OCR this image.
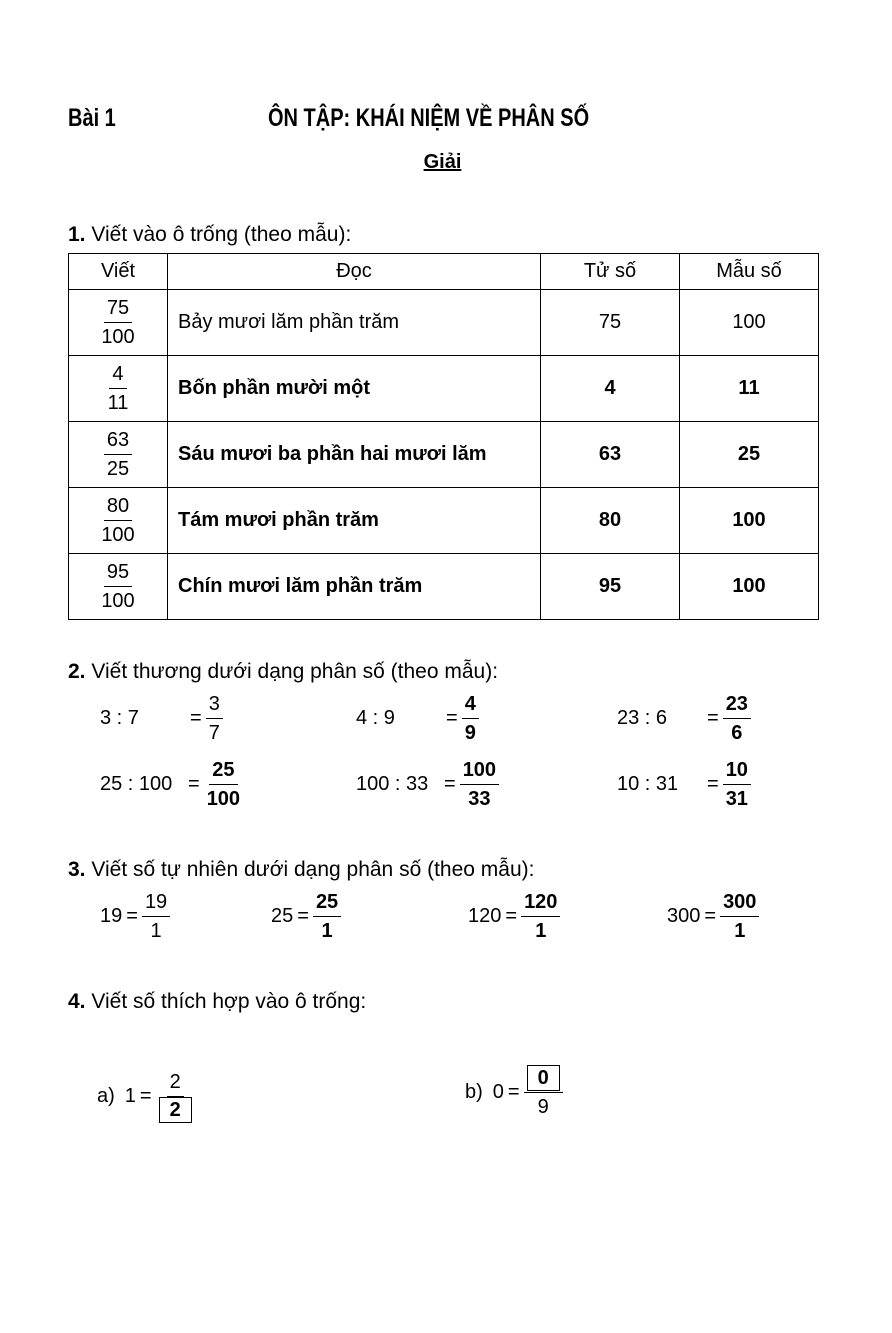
Bài 1	ÔN TẬP: KHÁI NIỆM VỀ PHÂN SỐ
Giải
1. Viết vào ô trống (theo mẫu):
Viết	Đọc	Tử số	Mẫu số

$\frac{75}{100}$	Bảy mươi lăm phần trăm	75	100

$\frac{4}{11}$	Bốn phần mười một	4	11

$\frac{63}{25}$	Sáu mươi ba phần hai mươi lăm	63	25

$\frac{80}{100}$	Tám mươi phần trăm	80	100

$\frac{95}{100}$	Chín mươi lăm phần trăm	95	100
2. Viết thương dưới dạng phân số (theo mẫu):
3 : 7	= $\frac{3}{7}$	4 : 9	= $\frac{4}{9}$	23 : 6	= $\frac{23}{6}$
25 : $100 = \frac{25}{100}$	100 : $33 = \frac{100}{33}$	10 : 31	= $\frac{10}{31}$
3. Viết số tự nhiên dưới dạng phân số (theo mẫu):
$19 = \frac{19}{1}$	$25 = \frac{25}{1}$	$120 = \frac{120}{1}$	$300 = \frac{300}{1}$
4. Viết số thích hợp vào ô trống:
a) $1 = \frac{2}{2}$	b) $0 = \frac{0}{9}$
